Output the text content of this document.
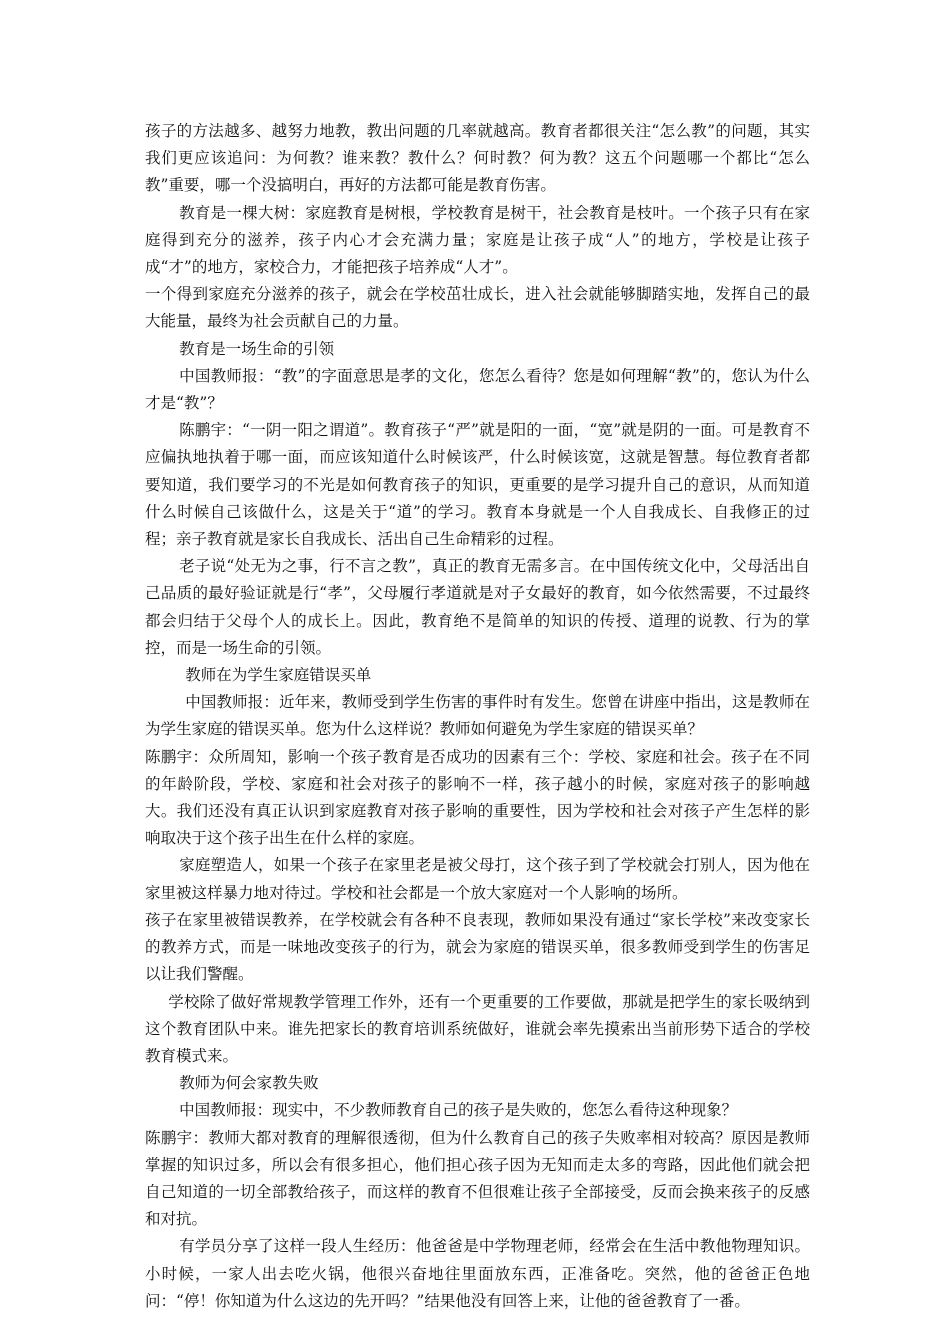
孩子的方法越多、越努力地教，教出问题的几率就越高。教育者都很关注“怎么教”的问题，其实我们更应该追问：为何教？谁来教？教什么？何时教？何为教？这五个问题哪一个都比“怎么教”重要，哪一个没搞明白，再好的方法都可能是教育伤害。

教育是一棵大树：家庭教育是树根，学校教育是树干，社会教育是枝叶。一个孩子只有在家庭得到充分的滋养，孩子内心才会充满力量；家庭是让孩子成“人”的地方，学校是让孩子成“才”的地方，家校合力，才能把孩子培养成“人才”。

一个得到家庭充分滋养的孩子，就会在学校茁壮成长，进入社会就能够脚踏实地，发挥自己的最大能量，最终为社会贡献自己的力量。

教育是一场生命的引领

中国教师报：“教”的字面意思是孝的文化，您怎么看待？您是如何理解“教”的，您认为什么才是“教”？

陈鹏宇：“一阴一阳之谓道”。教育孩子“严”就是阳的一面，“宽”就是阴的一面。可是教育不应偏执地执着于哪一面，而应该知道什么时候该严，什么时候该宽，这就是智慧。每位教育者都要知道，我们要学习的不光是如何教育孩子的知识，更重要的是学习提升自己的意识，从而知道什么时候自己该做什么，这是关于“道”的学习。教育本身就是一个人自我成长、自我修正的过程；亲子教育就是家长自我成长、活出自己生命精彩的过程。

老子说“处无为之事，行不言之教”，真正的教育无需多言。在中国传统文化中，父母活出自己品质的最好验证就是行“孝”，父母履行孝道就是对子女最好的教育，如今依然需要，不过最终都会归结于父母个人的成长上。因此，教育绝不是简单的知识的传授、道理的说教、行为的掌控，而是一场生命的引领。

教师在为学生家庭错误买单

中国教师报：近年来，教师受到学生伤害的事件时有发生。您曾在讲座中指出，这是教师在为学生家庭的错误买单。您为什么这样说？教师如何避免为学生家庭的错误买单？

陈鹏宇：众所周知，影响一个孩子教育是否成功的因素有三个：学校、家庭和社会。孩子在不同的年龄阶段，学校、家庭和社会对孩子的影响不一样，孩子越小的时候，家庭对孩子的影响越大。我们还没有真正认识到家庭教育对孩子影响的重要性，因为学校和社会对孩子产生怎样的影响取决于这个孩子出生在什么样的家庭。

家庭塑造人，如果一个孩子在家里老是被父母打，这个孩子到了学校就会打别人，因为他在家里被这样暴力地对待过。学校和社会都是一个放大家庭对一个人影响的场所。

孩子在家里被错误教养，在学校就会有各种不良表现，教师如果没有通过“家长学校”来改变家长的教养方式，而是一味地改变孩子的行为，就会为家庭的错误买单，很多教师受到学生的伤害足以让我们警醒。

学校除了做好常规教学管理工作外，还有一个更重要的工作要做，那就是把学生的家长吸纳到这个教育团队中来。谁先把家长的教育培训系统做好，谁就会率先摸索出当前形势下适合的学校教育模式来。

教师为何会家教失败

中国教师报：现实中，不少教师教育自己的孩子是失败的，您怎么看待这种现象？

陈鹏宇：教师大都对教育的理解很透彻，但为什么教育自己的孩子失败率相对较高？原因是教师掌握的知识过多，所以会有很多担心，他们担心孩子因为无知而走太多的弯路，因此他们就会把自己知道的一切全部教给孩子，而这样的教育不但很难让孩子全部接受，反而会换来孩子的反感和对抗。

有学员分享了这样一段人生经历：他爸爸是中学物理老师，经常会在生活中教他物理知识。小时候，一家人出去吃火锅，他很兴奋地往里面放东西，正准备吃。突然，他的爸爸正色地问：“停！你知道为什么这边的先开吗？”结果他没有回答上来，让他的爸爸教育了一番。
